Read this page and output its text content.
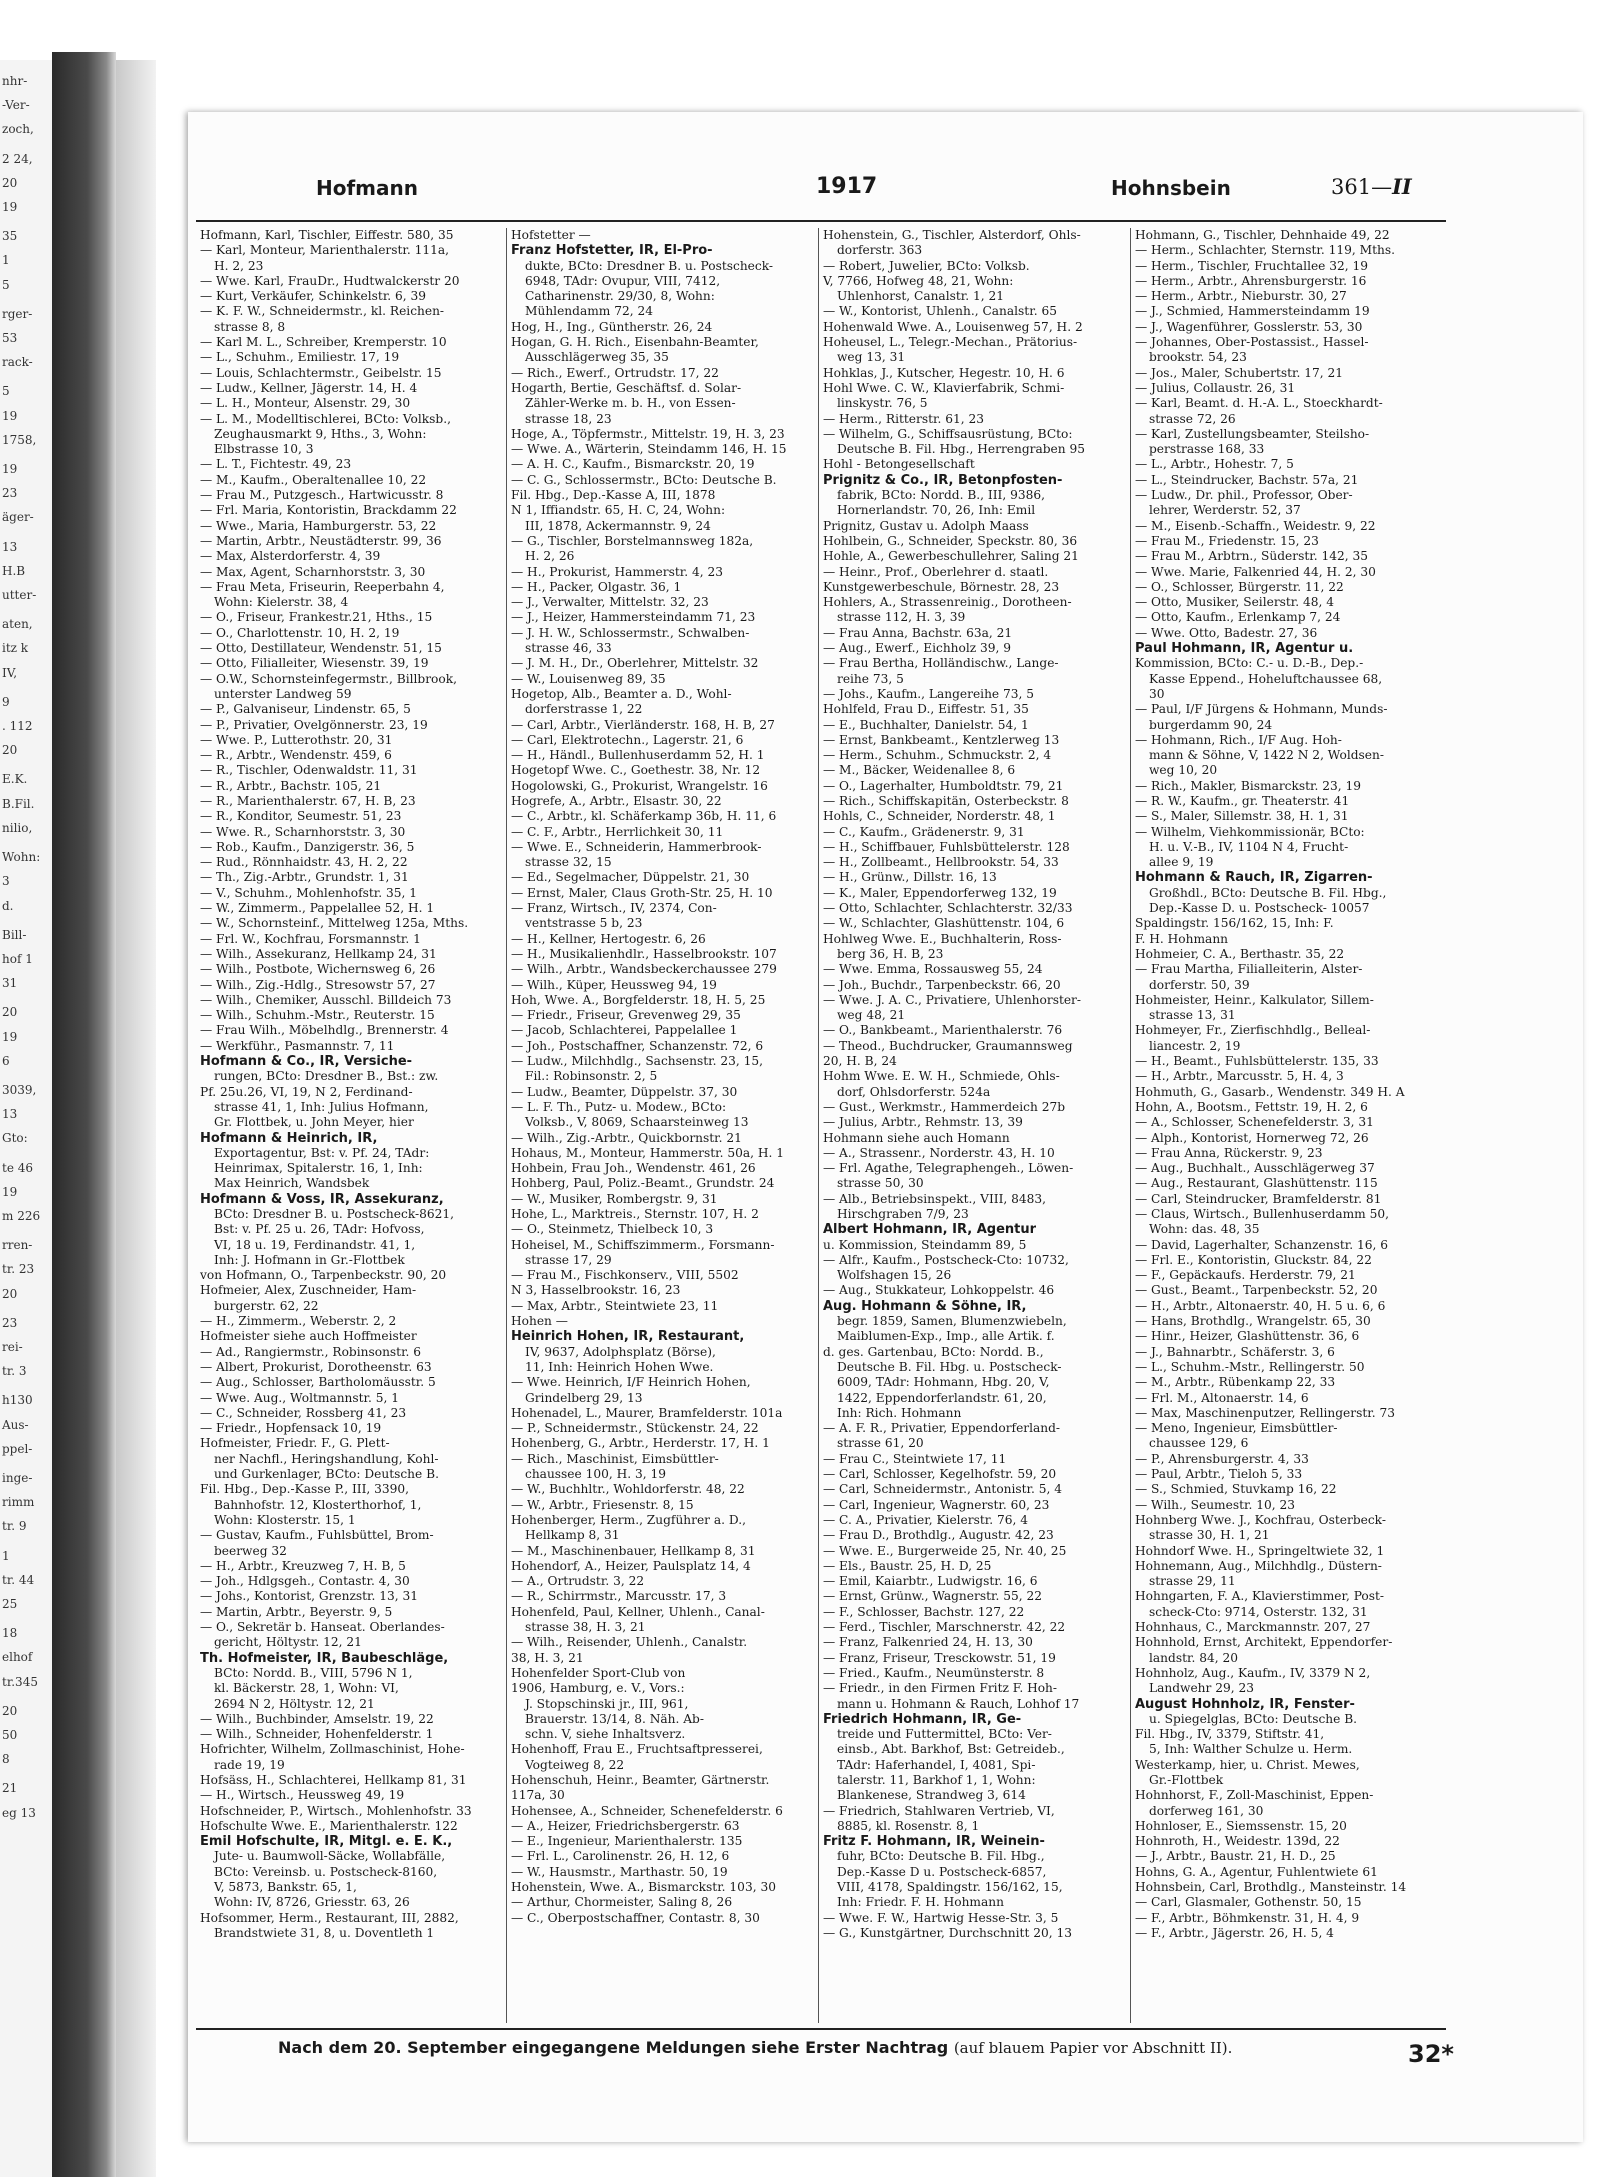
nhr-
-Ver-
zoch,
2 24,
20
19
35
1
5
rger-
53
rack-
5
19
1758,
19
23
äger-
13
H.B
utter-
aten,
itz k
IV,
9
. 112
20
E.K.
B.Fil.
nilio,
Wohn:
3
d.
Bill-
hof 1
31
20
19
6
3039,
13
Gto:
te 46
19
m 226
rren-
tr. 23
20
23
rei-
tr. 3
h130
Aus-
ppel-
inge-
rimm
tr. 9
1
tr. 44
25
18
elhof
tr.345
20
50
8
21
eg 13
Hofmann	1917	Hohnsbein	361—II
Hofmann, Karl, Tischler, Eiffestr. 580, 35
— Karl, Monteur, Marienthalerstr. 111a,
H. 2, 23
— Wwe. Karl, FrauDr., Hudtwalckerstr 20
— Kurt, Verkäufer, Schinkelstr. 6, 39
— K. F. W., Schneidermstr., kl. Reichen-
strasse 8, 8
— Karl M. L., Schreiber, Kremperstr. 10
— L., Schuhm., Emiliestr. 17, 19
— Louis, Schlachtermstr., Geibelstr. 15
— Ludw., Kellner, Jägerstr. 14, H. 4
— L. H., Monteur, Alsenstr. 29, 30
— L. M., Modelltischlerei, BCto: Volksb.,
Zeughausmarkt 9, Hths., 3, Wohn:
Elbstrasse 10, 3
— L. T., Fichtestr. 49, 23
— M., Kaufm., Oberaltenallee 10, 22
— Frau M., Putzgesch., Hartwicusstr. 8
— Frl. Maria, Kontoristin, Brackdamm 22
— Wwe., Maria, Hamburgerstr. 53, 22
— Martin, Arbtr., Neustädterstr. 99, 36
— Max, Alsterdorferstr. 4, 39
— Max, Agent, Scharnhorststr. 3, 30
— Frau Meta, Friseurin, Reeperbahn 4,
Wohn: Kielerstr. 38, 4
— O., Friseur, Frankestr.21, Hths., 15
— O., Charlottenstr. 10, H. 2, 19
— Otto, Destillateur, Wendenstr. 51, 15
— Otto, Filialleiter, Wiesenstr. 39, 19
— O.W., Schornsteinfegermstr., Billbrook,
unterster Landweg 59
— P., Galvaniseur, Lindenstr. 65, 5
— P., Privatier, Ovelgönnerstr. 23, 19
— Wwe. P., Lutterothstr. 20, 31
— R., Arbtr., Wendenstr. 459, 6
— R., Tischler, Odenwaldstr. 11, 31
— R., Arbtr., Bachstr. 105, 21
— R., Marienthalerstr. 67, H. B, 23
— R., Konditor, Seumestr. 51, 23
— Wwe. R., Scharnhorststr. 3, 30
— Rob., Kaufm., Danzigerstr. 36, 5
— Rud., Rönnhaidstr. 43, H. 2, 22
— Th., Zig.-Arbtr., Grundstr. 1, 31
— V., Schuhm., Mohlenhofstr. 35, 1
— W., Zimmerm., Pappelallee 52, H. 1
— W., Schornsteinf., Mittelweg 125a, Mths.
— Frl. W., Kochfrau, Forsmannstr. 1
— Wilh., Assekuranz, Hellkamp 24, 31
— Wilh., Postbote, Wichernsweg 6, 26
— Wilh., Zig.-Hdlg., Stresowstr 57, 27
— Wilh., Chemiker, Ausschl. Billdeich 73
— Wilh., Schuhm.-Mstr., Reuterstr. 15
— Frau Wilh., Möbelhdlg., Brennerstr. 4
— Werkführ., Pasmannstr. 7, 11
Hofmann & Co., IR, Versiche-
rungen, BCto: Dresdner B., Bst.: zw.
Pf. 25u.26, VI, 19, N 2, Ferdinand-
strasse 41, 1, Inh: Julius Hofmann,
Gr. Flottbek, u. John Meyer, hier
Hofmann & Heinrich, IR,
Exportagentur, Bst: v. Pf. 24, TAdr:
Heinrimax, Spitalerstr. 16, 1, Inh:
Max Heinrich, Wandsbek
Hofmann & Voss, IR, Assekuranz,
BCto: Dresdner B. u. Postscheck-8621,
Bst: v. Pf. 25 u. 26, TAdr: Hofvoss,
VI, 18 u. 19, Ferdinandstr. 41, 1,
Inh: J. Hofmann in Gr.-Flottbek
von Hofmann, O., Tarpenbeckstr. 90, 20
Hofmeier, Alex, Zuschneider, Ham-
burgerstr. 62, 22
— H., Zimmerm., Weberstr. 2, 2
Hofmeister siehe auch Hoffmeister
— Ad., Rangiermstr., Robinsonstr. 6
— Albert, Prokurist, Dorotheenstr. 63
— Aug., Schlosser, Bartholomäusstr. 5
— Wwe. Aug., Woltmannstr. 5, 1
— C., Schneider, Rossberg 41, 23
— Friedr., Hopfensack 10, 19
Hofmeister, Friedr. F., G. Plett-
ner Nachfl., Heringshandlung, Kohl-
und Gurkenlager, BCto: Deutsche B.
Fil. Hbg., Dep.-Kasse P., III, 3390,
Bahnhofstr. 12, Klosterthorhof, 1,
Wohn: Klosterstr. 15, 1
— Gustav, Kaufm., Fuhlsbüttel, Brom-
beerweg 32
— H., Arbtr., Kreuzweg 7, H. B, 5
— Joh., Hdlgsgeh., Contastr. 4, 30
— Johs., Kontorist, Grenzstr. 13, 31
— Martin, Arbtr., Beyerstr. 9, 5
— O., Sekretär b. Hanseat. Oberlandes-
gericht, Höltystr. 12, 21
Th. Hofmeister, IR, Baubeschläge,
BCto: Nordd. B., VIII, 5796 N 1,
kl. Bäckerstr. 28, 1, Wohn: VI,
2694 N 2, Höltystr. 12, 21
— Wilh., Buchbinder, Amselstr. 19, 22
— Wilh., Schneider, Hohenfelderstr. 1
Hofrichter, Wilhelm, Zollmaschinist, Hohe-
rade 19, 19
Hofsäss, H., Schlachterei, Hellkamp 81, 31
— H., Wirtsch., Heussweg 49, 19
Hofschneider, P., Wirtsch., Mohlenhofstr. 33
Hofschulte Wwe. E., Marienthalerstr. 122
Emil Hofschulte, IR, Mitgl. e. E. K.,
Jute- u. Baumwoll-Säcke, Wollabfälle,
BCto: Vereinsb. u. Postscheck-8160,
V, 5873, Bankstr. 65, 1,
Wohn: IV, 8726, Griesstr. 63, 26
Hofsommer, Herm., Restaurant, III, 2882,
Brandstwiete 31, 8, u. Doventleth 1
Hofstetter —
Franz Hofstetter, IR, El-Pro-
dukte, BCto: Dresdner B. u. Postscheck-
6948, TAdr: Ovupur, VIII, 7412,
Catharinenstr. 29/30, 8, Wohn:
Mühlendamm 72, 24
Hog, H., Ing., Güntherstr. 26, 24
Hogan, G. H. Rich., Eisenbahn-Beamter,
Ausschlägerweg 35, 35
— Rich., Ewerf., Ortrudstr. 17, 22
Hogarth, Bertie, Geschäftsf. d. Solar-
Zähler-Werke m. b. H., von Essen-
strasse 18, 23
Hoge, A., Töpfermstr., Mittelstr. 19, H. 3, 23
— Wwe. A., Wärterin, Steindamm 146, H. 15
— A. H. C., Kaufm., Bismarckstr. 20, 19
— C. G., Schlossermstr., BCto: Deutsche B.
Fil. Hbg., Dep.-Kasse A, III, 1878
N 1, Iffiandstr. 65, H. C, 24, Wohn:
III, 1878, Ackermannstr. 9, 24
— G., Tischler, Borstelmannsweg 182a,
H. 2, 26
— H., Prokurist, Hammerstr. 4, 23
— H., Packer, Olgastr. 36, 1
— J., Verwalter, Mittelstr. 32, 23
— J., Heizer, Hammersteindamm 71, 23
— J. H. W., Schlossermstr., Schwalben-
strasse 46, 33
— J. M. H., Dr., Oberlehrer, Mittelstr. 32
— W., Louisenweg 89, 35
Hogetop, Alb., Beamter a. D., Wohl-
dorferstrasse 1, 22
— Carl, Arbtr., Vierländerstr. 168, H. B, 27
— Carl, Elektrotechn., Lagerstr. 21, 6
— H., Händl., Bullenhuserdamm 52, H. 1
Hogetopf Wwe. C., Goethestr. 38, Nr. 12
Hogolowski, G., Prokurist, Wrangelstr. 16
Hogrefe, A., Arbtr., Elsastr. 30, 22
— C., Arbtr., kl. Schäferkamp 36b, H. 11, 6
— C. F., Arbtr., Herrlichkeit 30, 11
— Wwe. E., Schneiderin, Hammerbrook-
strasse 32, 15
— Ed., Segelmacher, Düppelstr. 21, 30
— Ernst, Maler, Claus Groth-Str. 25, H. 10
— Franz, Wirtsch., IV, 2374, Con-
ventstrasse 5 b, 23
— H., Kellner, Hertogestr. 6, 26
— H., Musikalienhdlr., Hasselbrookstr. 107
— Wilh., Arbtr., Wandsbeckerchaussee 279
— Wilh., Küper, Heussweg 94, 19
Hoh, Wwe. A., Borgfelderstr. 18, H. 5, 25
— Friedr., Friseur, Grevenweg 29, 35
— Jacob, Schlachterei, Pappelallee 1
— Joh., Postschaffner, Schanzenstr. 72, 6
— Ludw., Milchhdlg., Sachsenstr. 23, 15,
Fil.: Robinsonstr. 2, 5
— Ludw., Beamter, Düppelstr. 37, 30
— L. F. Th., Putz- u. Modew., BCto:
Volksb., V, 8069, Schaarsteinweg 13
— Wilh., Zig.-Arbtr., Quickbornstr. 21
Hohaus, M., Monteur, Hammerstr. 50a, H. 1
Hohbein, Frau Joh., Wendenstr. 461, 26
Hohberg, Paul, Poliz.-Beamt., Grundstr. 24
— W., Musiker, Rombergstr. 9, 31
Hohe, L., Marktreis., Sternstr. 107, H. 2
— O., Steinmetz, Thielbeck 10, 3
Hoheisel, M., Schiffszimmerm., Forsmann-
strasse 17, 29
— Frau M., Fischkonserv., VIII, 5502
N 3, Hasselbrookstr. 16, 23
— Max, Arbtr., Steintwiete 23, 11
Hohen —
Heinrich Hohen, IR, Restaurant,
IV, 9637, Adolphsplatz (Börse),
11, Inh: Heinrich Hohen Wwe.
— Wwe. Heinrich, I/F Heinrich Hohen,
Grindelberg 29, 13
Hohenadel, L., Maurer, Bramfelderstr. 101a
— P., Schneidermstr., Stückenstr. 24, 22
Hohenberg, G., Arbtr., Herderstr. 17, H. 1
— Rich., Maschinist, Eimsbüttler-
chaussee 100, H. 3, 19
— W., Buchhltr., Wohldorferstr. 48, 22
— W., Arbtr., Friesenstr. 8, 15
Hohenberger, Herm., Zugführer a. D.,
Hellkamp 8, 31
— M., Maschinenbauer, Hellkamp 8, 31
Hohendorf, A., Heizer, Paulsplatz 14, 4
— A., Ortrudstr. 3, 22
— R., Schirrmstr., Marcusstr. 17, 3
Hohenfeld, Paul, Kellner, Uhlenh., Canal-
strasse 38, H. 3, 21
— Wilh., Reisender, Uhlenh., Canalstr.
38, H. 3, 21
Hohenfelder Sport-Club von
1906, Hamburg, e. V., Vors.:
J. Stopschinski jr., III, 961,
Brauerstr. 13/14, 8. Näh. Ab-
schn. V, siehe Inhaltsverz.
Hohenhoff, Frau E., Fruchtsaftpresserei,
Vogteiweg 8, 22
Hohenschuh, Heinr., Beamter, Gärtnerstr.
117a, 30
Hohensee, A., Schneider, Schenefelderstr. 6
— A., Heizer, Friedrichsbergerstr. 63
— E., Ingenieur, Marienthalerstr. 135
— Frl. L., Carolinenstr. 26, H. 12, 6
— W., Hausmstr., Marthastr. 50, 19
Hohenstein, Wwe. A., Bismarckstr. 103, 30
— Arthur, Chormeister, Saling 8, 26
— C., Oberpostschaffner, Contastr. 8, 30
Hohenstein, G., Tischler, Alsterdorf, Ohls-
dorferstr. 363
— Robert, Juwelier, BCto: Volksb.
V, 7766, Hofweg 48, 21, Wohn:
Uhlenhorst, Canalstr. 1, 21
— W., Kontorist, Uhlenh., Canalstr. 65
Hohenwald Wwe. A., Louisenweg 57, H. 2
Hoheusel, L., Telegr.-Mechan., Prätorius-
weg 13, 31
Hohklas, J., Kutscher, Hegestr. 10, H. 6
Hohl Wwe. C. W., Klavierfabrik, Schmi-
linskystr. 76, 5
— Herm., Ritterstr. 61, 23
— Wilhelm, G., Schiffsausrüstung, BCto:
Deutsche B. Fil. Hbg., Herrengraben 95
Hohl - Betongesellschaft
Prignitz & Co., IR, Betonpfosten-
fabrik, BCto: Nordd. B., III, 9386,
Hornerlandstr. 70, 26, Inh: Emil
Prignitz, Gustav u. Adolph Maass
Hohlbein, G., Schneider, Speckstr. 80, 36
Hohle, A., Gewerbeschullehrer, Saling 21
— Heinr., Prof., Oberlehrer d. staatl.
Kunstgewerbeschule, Börnestr. 28, 23
Hohlers, A., Strassenreinig., Dorotheen-
strasse 112, H. 3, 39
— Frau Anna, Bachstr. 63a, 21
— Aug., Ewerf., Eichholz 39, 9
— Frau Bertha, Holländischw., Lange-
reihe 73, 5
— Johs., Kaufm., Langereihe 73, 5
Hohlfeld, Frau D., Eiffestr. 51, 35
— E., Buchhalter, Danielstr. 54, 1
— Ernst, Bankbeamt., Kentzlerweg 13
— Herm., Schuhm., Schmuckstr. 2, 4
— M., Bäcker, Weidenallee 8, 6
— O., Lagerhalter, Humboldtstr. 79, 21
— Rich., Schiffskapitän, Osterbeckstr. 8
Hohls, C., Schneider, Norderstr. 48, 1
— C., Kaufm., Grädenerstr. 9, 31
— H., Schiffbauer, Fuhlsbüttelerstr. 128
— H., Zollbeamt., Hellbrookstr. 54, 33
— H., Grünw., Dillstr. 16, 13
— K., Maler, Eppendorferweg 132, 19
— Otto, Schlachter, Schlachterstr. 32/33
— W., Schlachter, Glashüttenstr. 104, 6
Hohlweg Wwe. E., Buchhalterin, Ross-
berg 36, H. B, 23
— Wwe. Emma, Rossausweg 55, 24
— Joh., Buchdr., Tarpenbeckstr. 66, 20
— Wwe. J. A. C., Privatiere, Uhlenhorster-
weg 48, 21
— O., Bankbeamt., Marienthalerstr. 76
— Theod., Buchdrucker, Graumannsweg
20, H. B, 24
Hohm Wwe. E. W. H., Schmiede, Ohls-
dorf, Ohlsdorferstr. 524a
— Gust., Werkmstr., Hammerdeich 27b
— Julius, Arbtr., Rehmstr. 13, 39
Hohmann siehe auch Homann
— A., Strassenr., Norderstr. 43, H. 10
— Frl. Agathe, Telegraphengeh., Löwen-
strasse 50, 30
— Alb., Betriebsinspekt., VIII, 8483,
Hirschgraben 7/9, 23
Albert Hohmann, IR, Agentur
u. Kommission, Steindamm 89, 5
— Alfr., Kaufm., Postscheck-Cto: 10732,
Wolfshagen 15, 26
— Aug., Stukkateur, Lohkoppelstr. 46
Aug. Hohmann & Söhne, IR,
begr. 1859, Samen, Blumenzwiebeln,
Maiblumen-Exp., Imp., alle Artik. f.
d. ges. Gartenbau, BCto: Nordd. B.,
Deutsche B. Fil. Hbg. u. Postscheck-
6009, TAdr: Hohmann, Hbg. 20, V,
1422, Eppendorferlandstr. 61, 20,
Inh: Rich. Hohmann
— A. F. R., Privatier, Eppendorferland-
strasse 61, 20
— Frau C., Steintwiete 17, 11
— Carl, Schlosser, Kegelhofstr. 59, 20
— Carl, Schneidermstr., Antonistr. 5, 4
— Carl, Ingenieur, Wagnerstr. 60, 23
— C. A., Privatier, Kielerstr. 76, 4
— Frau D., Brothdlg., Augustr. 42, 23
— Wwe. E., Burgerweide 25, Nr. 40, 25
— Els., Baustr. 25, H. D, 25
— Emil, Kaiarbtr., Ludwigstr. 16, 6
— Ernst, Grünw., Wagnerstr. 55, 22
— F., Schlosser, Bachstr. 127, 22
— Ferd., Tischler, Marschnerstr. 42, 22
— Franz, Falkenried 24, H. 13, 30
— Franz, Friseur, Tresckowstr. 51, 19
— Fried., Kaufm., Neumünsterstr. 8
— Friedr., in den Firmen Fritz F. Hoh-
mann u. Hohmann & Rauch, Lohhof 17
Friedrich Hohmann, IR, Ge-
treide und Futtermittel, BCto: Ver-
einsb., Abt. Barkhof, Bst: Getreideb.,
TAdr: Haferhandel, I, 4081, Spi-
talerstr. 11, Barkhof 1, 1, Wohn:
Blankenese, Strandweg 3, 614
— Friedrich, Stahlwaren Vertrieb, VI,
8885, kl. Rosenstr. 8, 1
Fritz F. Hohmann, IR, Weinein-
fuhr, BCto: Deutsche B. Fil. Hbg.,
Dep.-Kasse D u. Postscheck-6857,
VIII, 4178, Spaldingstr. 156/162, 15,
Inh: Friedr. F. H. Hohmann
— Wwe. F. W., Hartwig Hesse-Str. 3, 5
— G., Kunstgärtner, Durchschnitt 20, 13
Hohmann, G., Tischler, Dehnhaide 49, 22
— Herm., Schlachter, Sternstr. 119, Mths.
— Herm., Tischler, Fruchtallee 32, 19
— Herm., Arbtr., Ahrensburgerstr. 16
— Herm., Arbtr., Nieburstr. 30, 27
— J., Schmied, Hammersteindamm 19
— J., Wagenführer, Gosslerstr. 53, 30
— Johannes, Ober-Postassist., Hassel-
brookstr. 54, 23
— Jos., Maler, Schubertstr. 17, 21
— Julius, Collaustr. 26, 31
— Karl, Beamt. d. H.-A. L., Stoeckhardt-
strasse 72, 26
— Karl, Zustellungsbeamter, Steilsho-
perstrasse 168, 33
— L., Arbtr., Hohestr. 7, 5
— L., Steindrucker, Bachstr. 57a, 21
— Ludw., Dr. phil., Professor, Ober-
lehrer, Werderstr. 52, 37
— M., Eisenb.-Schaffn., Weidestr. 9, 22
— Frau M., Friedenstr. 15, 23
— Frau M., Arbtrn., Süderstr. 142, 35
— Wwe. Marie, Falkenried 44, H. 2, 30
— O., Schlosser, Bürgerstr. 11, 22
— Otto, Musiker, Seilerstr. 48, 4
— Otto, Kaufm., Erlenkamp 7, 24
— Wwe. Otto, Badestr. 27, 36
Paul Hohmann, IR, Agentur u.
Kommission, BCto: C.- u. D.-B., Dep.-
Kasse Eppend., Hoheluftchaussee 68,
30
— Paul, I/F Jürgens & Hohmann, Munds-
burgerdamm 90, 24
— Hohmann, Rich., I/F Aug. Hoh-
mann & Söhne, V, 1422 N 2, Woldsen-
weg 10, 20
— Rich., Makler, Bismarckstr. 23, 19
— R. W., Kaufm., gr. Theaterstr. 41
— S., Maler, Sillemstr. 38, H. 1, 31
— Wilhelm, Viehkommissionär, BCto:
H. u. V.-B., IV, 1104 N 4, Frucht-
allee 9, 19
Hohmann & Rauch, IR, Zigarren-
Großhdl., BCto: Deutsche B. Fil. Hbg.,
Dep.-Kasse D. u. Postscheck- 10057
Spaldingstr. 156/162, 15, Inh: F.
F. H. Hohmann
Hohmeier, C. A., Berthastr. 35, 22
— Frau Martha, Filialleiterin, Alster-
dorferstr. 50, 39
Hohmeister, Heinr., Kalkulator, Sillem-
strasse 13, 31
Hohmeyer, Fr., Zierfischhdlg., Belleal-
liancestr. 2, 19
— H., Beamt., Fuhlsbüttelerstr. 135, 33
— H., Arbtr., Marcusstr. 5, H. 4, 3
Hohmuth, G., Gasarb., Wendenstr. 349 H. A
Hohn, A., Bootsm., Fettstr. 19, H. 2, 6
— A., Schlosser, Schenefelderstr. 3, 31
— Alph., Kontorist, Hornerweg 72, 26
— Frau Anna, Rückerstr. 9, 23
— Aug., Buchhalt., Ausschlägerweg 37
— Aug., Restaurant, Glashüttenstr. 115
— Carl, Steindrucker, Bramfelderstr. 81
— Claus, Wirtsch., Bullenhuserdamm 50,
Wohn: das. 48, 35
— David, Lagerhalter, Schanzenstr. 16, 6
— Frl. E., Kontoristin, Gluckstr. 84, 22
— F., Gepäckaufs. Herderstr. 79, 21
— Gust., Beamt., Tarpenbeckstr. 52, 20
— H., Arbtr., Altonaerstr. 40, H. 5 u. 6, 6
— Hans, Brothdlg., Wrangelstr. 65, 30
— Hinr., Heizer, Glashüttenstr. 36, 6
— J., Bahnarbtr., Schäferstr. 3, 6
— L., Schuhm.-Mstr., Rellingerstr. 50
— M., Arbtr., Rübenkamp 22, 33
— Frl. M., Altonaerstr. 14, 6
— Max, Maschinenputzer, Rellingerstr. 73
— Meno, Ingenieur, Eimsbüttler-
chaussee 129, 6
— P., Ahrensburgerstr. 4, 33
— Paul, Arbtr., Tieloh 5, 33
— S., Schmied, Stuvkamp 16, 22
— Wilh., Seumestr. 10, 23
Hohnberg Wwe. J., Kochfrau, Osterbeck-
strasse 30, H. 1, 21
Hohndorf Wwe. H., Springeltwiete 32, 1
Hohnemann, Aug., Milchhdlg., Düstern-
strasse 29, 11
Hohngarten, F. A., Klavierstimmer, Post-
scheck-Cto: 9714, Osterstr. 132, 31
Hohnhaus, C., Marckmannstr. 207, 27
Hohnhold, Ernst, Architekt, Eppendorfer-
landstr. 84, 20
Hohnholz, Aug., Kaufm., IV, 3379 N 2,
Landwehr 29, 23
August Hohnholz, IR, Fenster-
u. Spiegelglas, BCto: Deutsche B.
Fil. Hbg., IV, 3379, Stiftstr. 41,
5, Inh: Walther Schulze u. Herm.
Westerkamp, hier, u. Christ. Mewes,
Gr.-Flottbek
Hohnhorst, F., Zoll-Maschinist, Eppen-
dorferweg 161, 30
Hohnloser, E., Siemssenstr. 15, 20
Hohnroth, H., Weidestr. 139d, 22
— J., Arbtr., Baustr. 21, H. D., 25
Hohns, G. A., Agentur, Fuhlentwiete 61
Hohnsbein, Carl, Brothdlg., Mansteinstr. 14
— Carl, Glasmaler, Gothenstr. 50, 15
— F., Arbtr., Böhmkenstr. 31, H. 4, 9
— F., Arbtr., Jägerstr. 26, H. 5, 4
Nach dem 20. September eingegangene Meldungen siehe Erster Nachtrag (auf blauem Papier vor Abschnitt II).	32*
